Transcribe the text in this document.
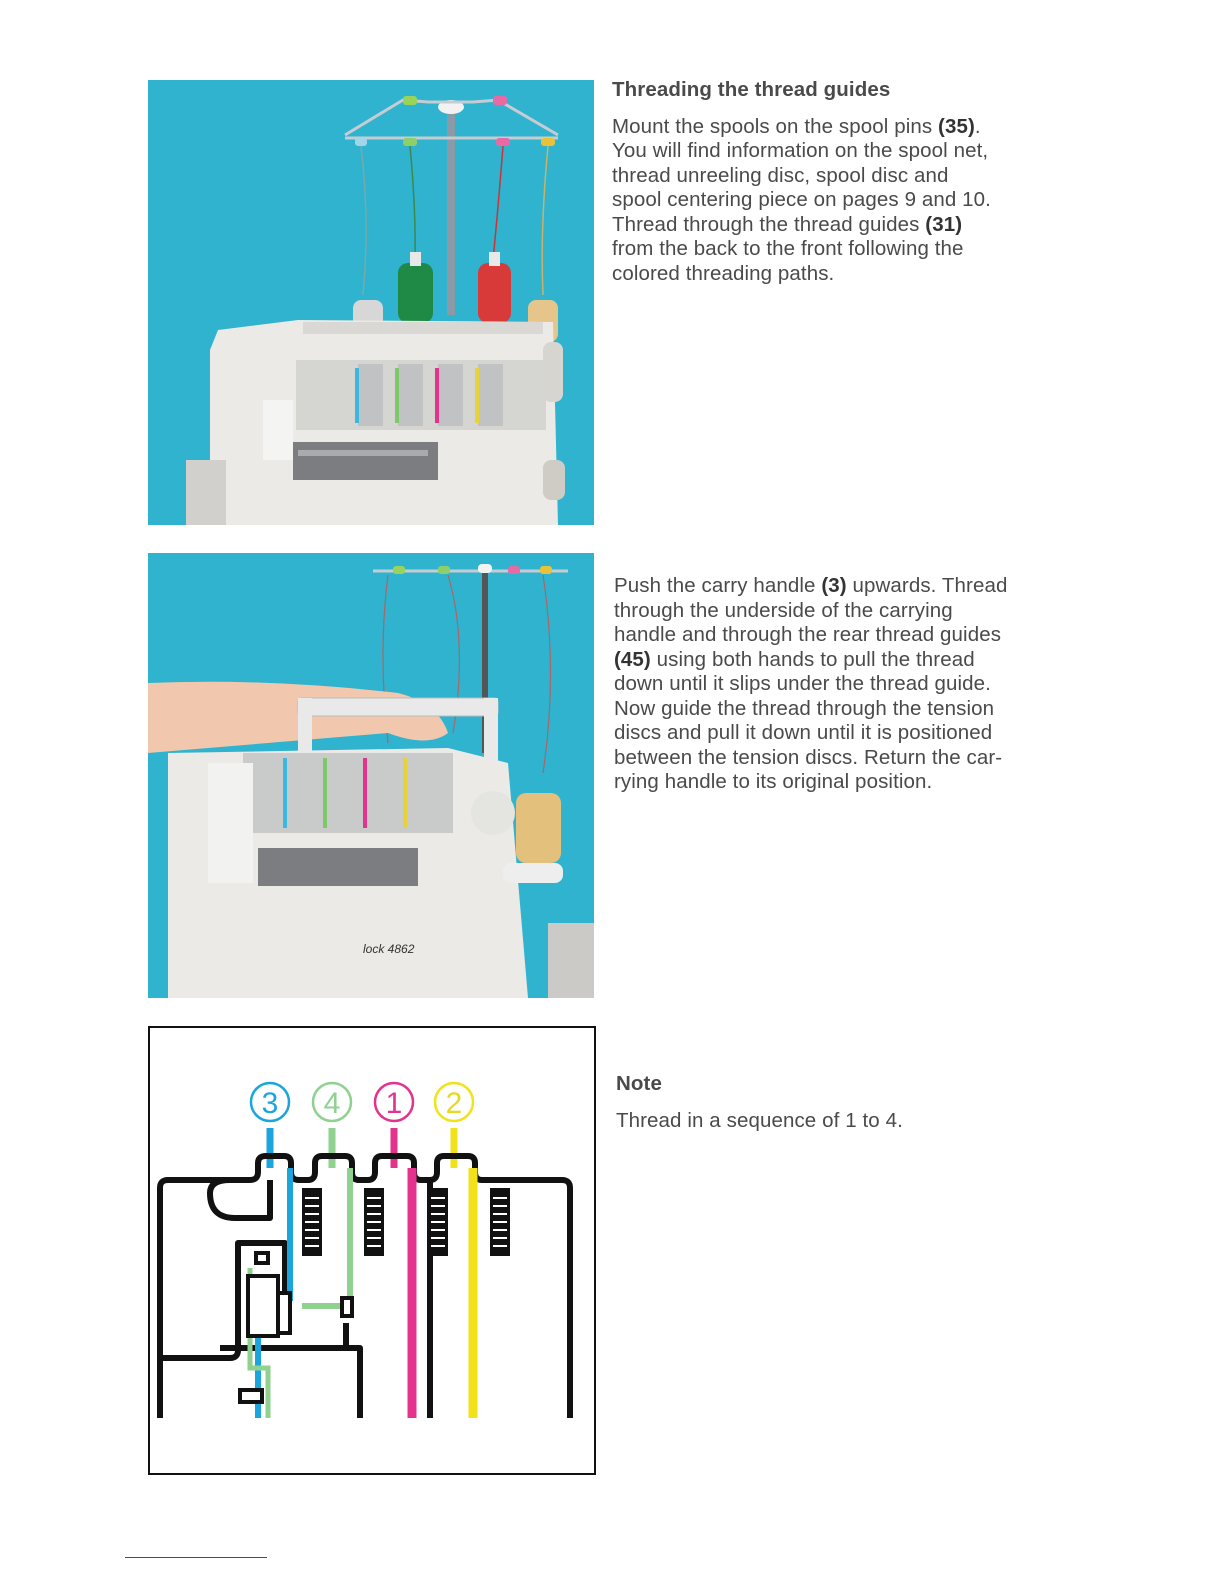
Threading the thread guides

Mount the spools on the spool pins (35).

You will find information on the spool net,

thread unreeling disc, spool disc and

spool centering piece on pages 9 and 10.

Thread through the thread guides (31)

from the back to the front following the

colored threading paths.

lock 4862

Push the carry handle (3) upwards. Thread

through the underside of the carrying

handle and through the rear thread guides

(45) using both hands to pull the thread

down until it slips under the thread guide.

Now guide the thread through the tension

discs and pull it down until it is positioned

between the tension discs. Return the car-

rying handle to its original position.

3 4 1 2

Note

Thread in a sequence of 1 to 4.
